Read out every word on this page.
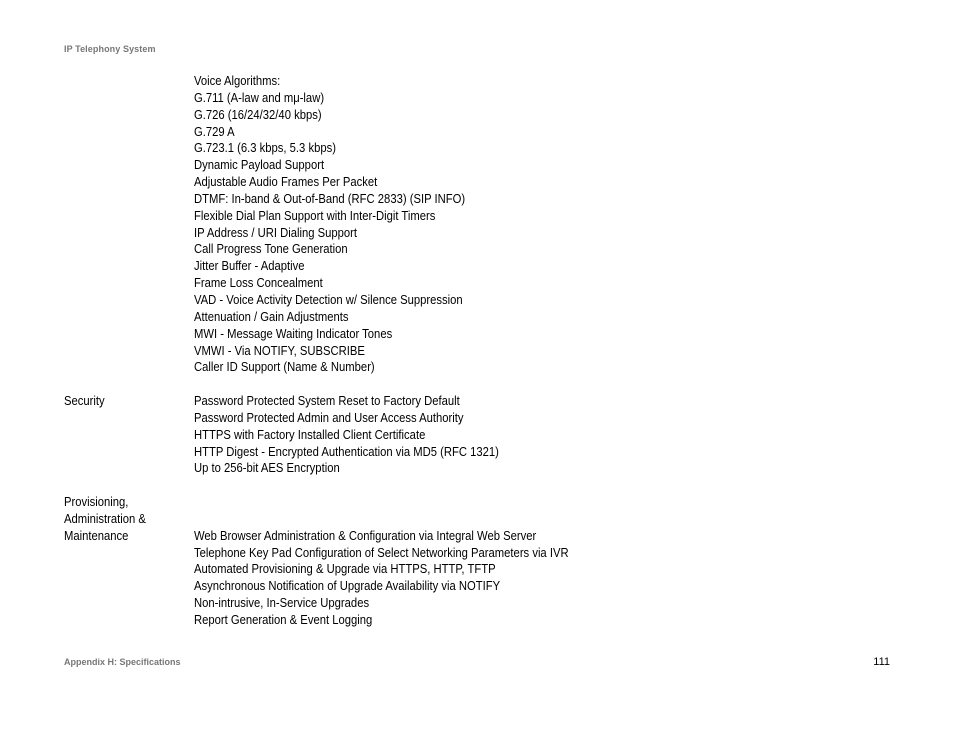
IP Telephony System
Voice Algorithms:
G.711 (A-law and mμ-law)
G.726 (16/24/32/40 kbps)
G.729 A
G.723.1 (6.3 kbps, 5.3 kbps)
Dynamic Payload Support
Adjustable Audio Frames Per Packet
DTMF: In-band & Out-of-Band (RFC 2833) (SIP INFO)
Flexible Dial Plan Support with Inter-Digit Timers
IP Address / URI Dialing Support
Call Progress Tone Generation
Jitter Buffer - Adaptive
Frame Loss Concealment
VAD - Voice Activity Detection w/ Silence Suppression
Attenuation / Gain Adjustments
MWI - Message Waiting Indicator Tones
VMWI - Via NOTIFY, SUBSCRIBE
Caller ID Support (Name & Number)
Security	Password Protected System Reset to Factory Default
Password Protected Admin and User Access Authority
HTTPS with Factory Installed Client Certificate
HTTP Digest - Encrypted Authentication via MD5 (RFC 1321)
Up to 256-bit AES Encryption
Provisioning,
Administration &
Maintenance	Web Browser Administration & Configuration via Integral Web Server
Telephone Key Pad Configuration of Select Networking Parameters via IVR
Automated Provisioning & Upgrade via HTTPS, HTTP, TFTP
Asynchronous Notification of Upgrade Availability via NOTIFY
Non-intrusive, In-Service Upgrades
Report Generation & Event Logging
Appendix H: Specifications	111
